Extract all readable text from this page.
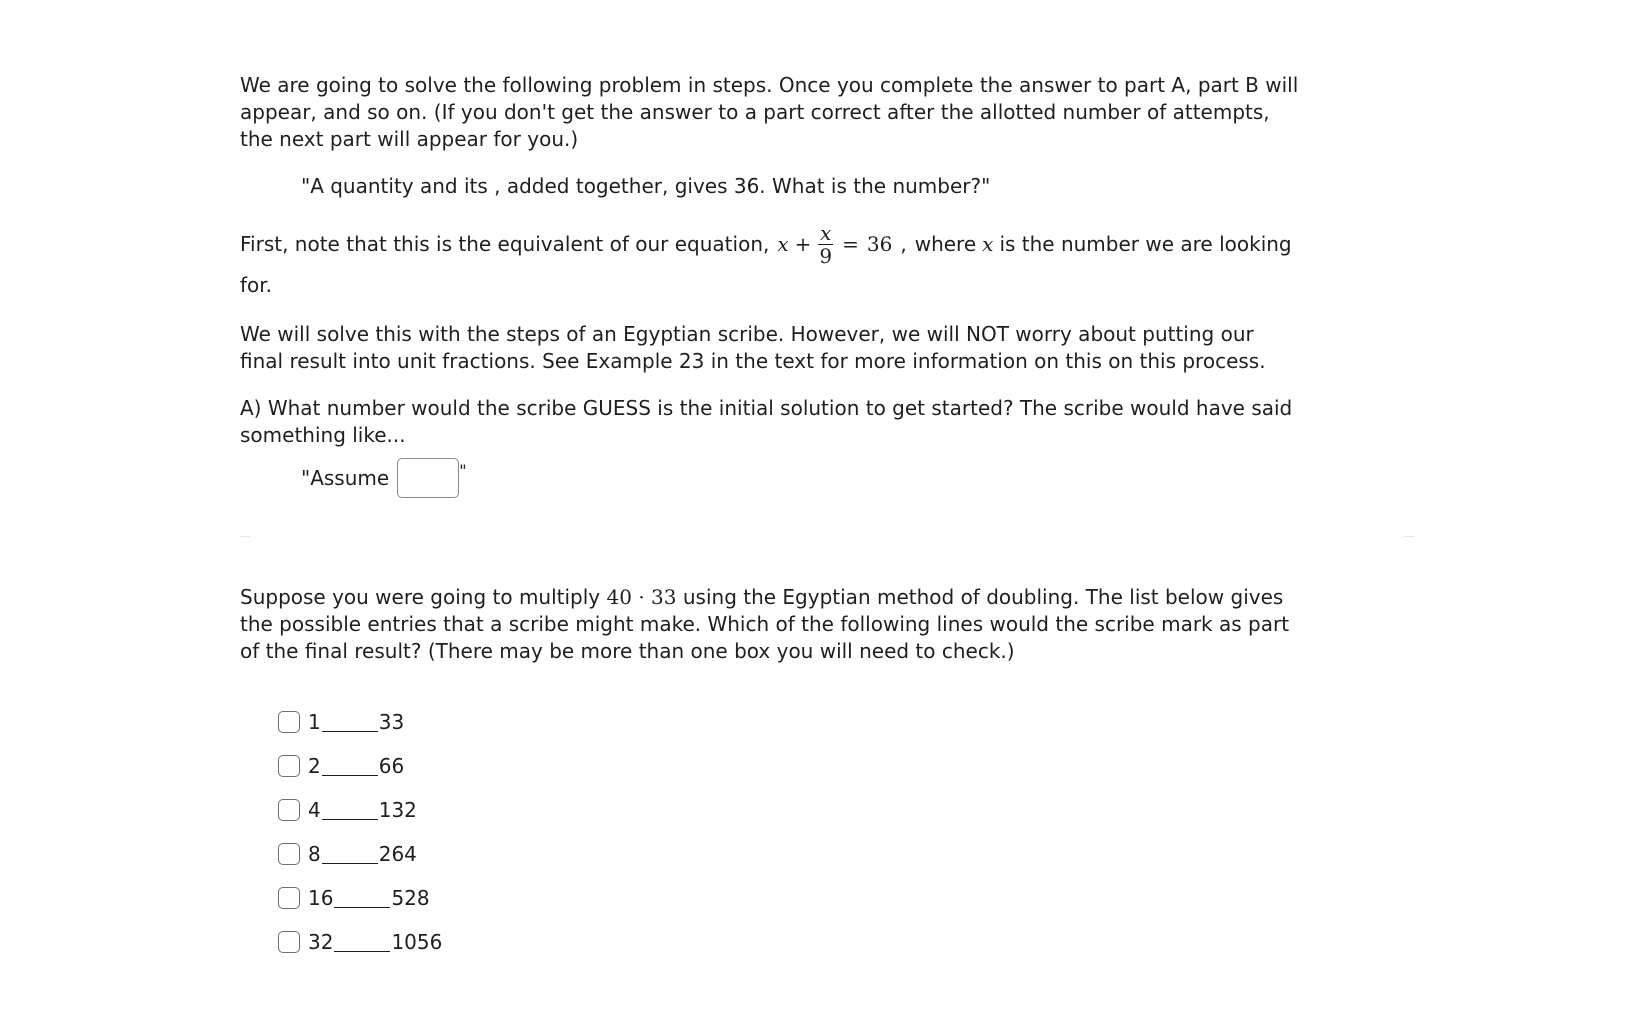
We are going to solve the following problem in steps. Once you complete the answer to part A, part B will appear, and so on. (If you don't get the answer to a part correct after the allotted number of attempts, the next part will appear for you.)

"A quantity and its , added together, gives 36. What is the number?"

First, note that this is the equivalent of our equation, $x + \frac{x}{9} = 36$ , where x is the number we are looking

for.

We will solve this with the steps of an Egyptian scribe. However, we will NOT worry about putting our final result into unit fractions. See Example 23 in the text for more information on this on this process.

A) What number would the scribe GUESS is the initial solution to get started? The scribe would have said something like...

"Assume	"

Suppose you were going to multiply 40 · 33 using the Egyptian method of doubling. The list below gives the possible entries that a scribe might make. Which of the following lines would the scribe mark as part of the final result? (There may be more than one box you will need to check.)

1	33
2	66
4	132
8	264
16	528
32	1056
